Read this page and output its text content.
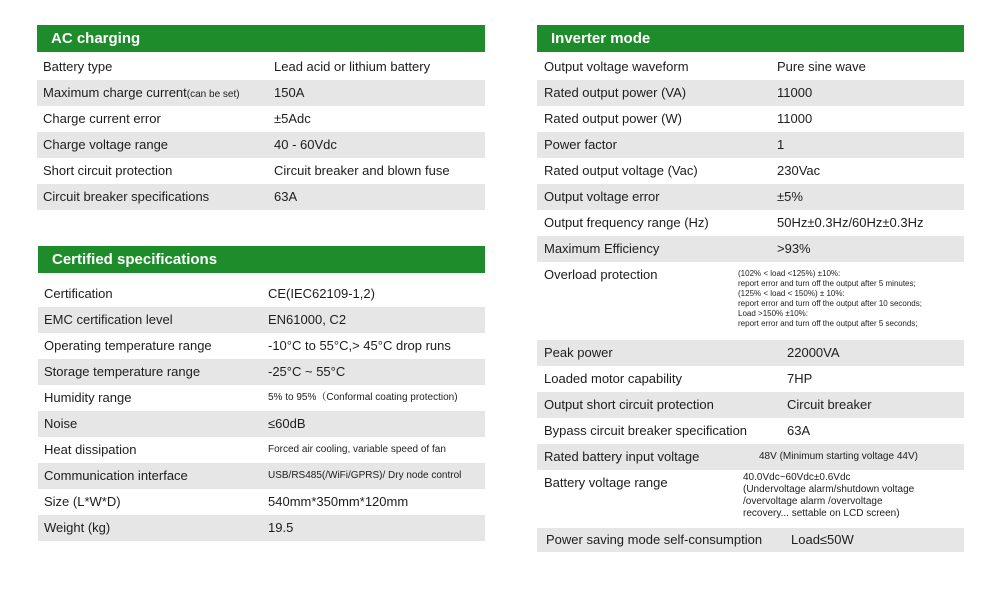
AC charging
Battery type	Lead acid or lithium battery
Maximum charge current(can be set)	150A
Charge current error	±5Adc
Charge voltage range	40 - 60Vdc
Short circuit protection	Circuit breaker and blown fuse
Circuit breaker specifications	63A
Certified specifications
Certification	CE(IEC62109-1,2)
EMC certification level	EN61000, C2
Operating temperature range	-10°C to 55°C,> 45°C drop runs
Storage temperature range	-25°C ~ 55°C
Humidity range	5% to 95%（Conformal coating protection)
Noise	≤60dB
Heat dissipation	Forced air cooling, variable speed of fan
Communication interface	USB/RS485(/WiFi/GPRS)/ Dry node control
Size (L*W*D)	540mm*350mm*120mm
Weight (kg)	19.5
Inverter mode
Output voltage waveform	Pure sine wave
Rated output power (VA)	11000
Rated output power (W)	11000
Power factor	1
Rated output voltage (Vac)	230Vac
Output voltage error	±5%
Output frequency range (Hz)	50Hz±0.3Hz/60Hz±0.3Hz
Maximum Efficiency	>93%
Overload protection	(102% < load <125%) ±10%:
report error and turn off the output after 5 minutes;
(125% < load < 150%) ± 10%:
report error and turn off the output after 10 seconds;
Load >150% ±10%:
report error and turn off the output after 5 seconds;
Peak power	22000VA
Loaded motor capability	7HP
Output short circuit protection	Circuit breaker
Bypass circuit breaker specification	63A
Rated battery input voltage	48V (Minimum starting voltage 44V)
Battery voltage range	40.0Vdc~60Vdc±0.6Vdc
(Undervoltage alarm/shutdown voltage
/overvoltage alarm /overvoltage
recovery... settable on LCD screen)
Power saving mode self-consumption Load≤50W
